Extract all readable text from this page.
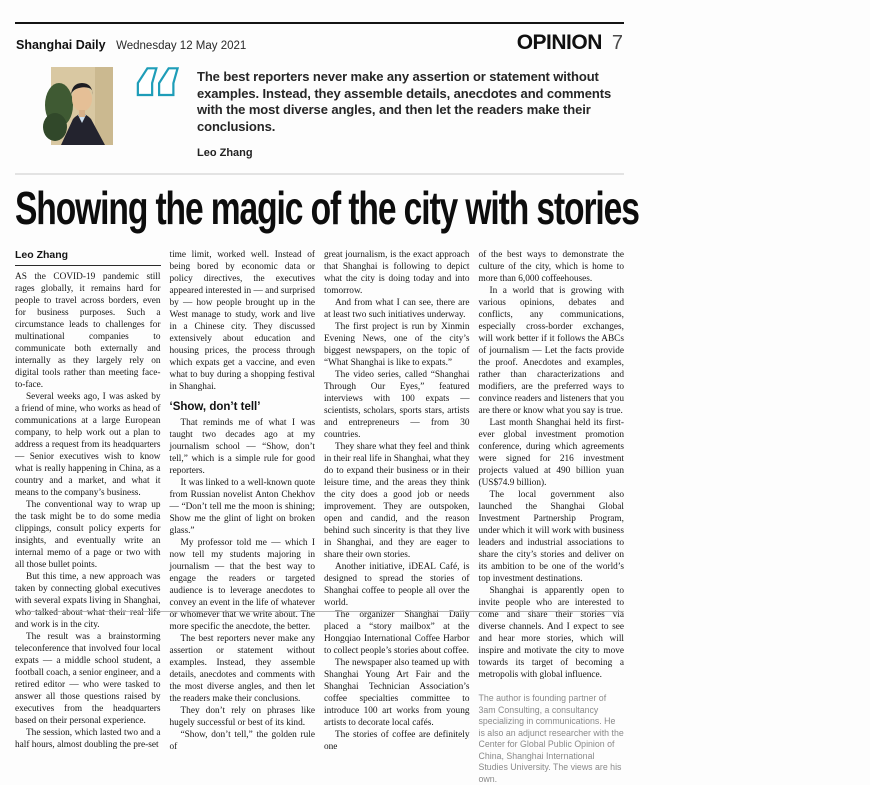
Shanghai Daily Wednesday 12 May 2021	OPINION 7
“ The best reporters never make any assertion or statement without examples. Instead, they assemble details, anecdotes and comments with the most diverse angles, and then let the readers make their conclusions.
Leo Zhang
Showing the magic of the city with stories
Leo Zhang

AS the COVID-19 pandemic still rages globally, it remains hard for people to travel across borders, even for business purposes. Such a circumstance leads to challenges for multinational companies to communicate both externally and internally as they largely rely on digital tools rather than meeting face-to-face.

Several weeks ago, I was asked by a friend of mine, who works as head of communications at a large European company, to help work out a plan to address a request from its headquarters — Senior executives wish to know what is really happening in China, as a country and a market, and what it means to the company’s business.

The conventional way to wrap up the task might be to do some media clippings, consult policy experts for insights, and eventually write an internal memo of a page or two with all those bullet points.

But this time, a new approach was taken by connecting global executives with several expats living in Shanghai, who talked about what their real life and work is in the city.

The result was a brainstorming teleconference that involved four local expats — a middle school student, a football coach, a senior engineer, and a retired editor — who were tasked to answer all those questions raised by executives from the headquarters based on their personal experience.

The session, which lasted two and a half hours, almost doubling the pre-set

time limit, worked well. Instead of being bored by economic data or policy directives, the executives appeared interested in — and surprised by — how people brought up in the West manage to study, work and live in a Chinese city. They discussed extensively about education and housing prices, the process through which expats get a vaccine, and even what to buy during a shopping festival in Shanghai.

‘Show, don’t tell’

That reminds me of what I was taught two decades ago at my journalism school — “Show, don’t tell,” which is a simple rule for good reporters.

It was linked to a well-known quote from Russian novelist Anton Chekhov — “Don’t tell me the moon is shining; Show me the glint of light on broken glass.”

My professor told me — which I now tell my students majoring in journalism — that the best way to engage the readers or targeted audience is to leverage anecdotes to convey an event in the life of whatever or whomever that we write about. The more specific the anecdote, the better.

The best reporters never make any assertion or statement without examples. Instead, they assemble details, anecdotes and comments with the most diverse angles, and then let the readers make their conclusions.

They don’t rely on phrases like hugely successful or best of its kind.

“Show, don’t tell,” the golden rule of

great journalism, is the exact approach that Shanghai is following to depict what the city is doing today and into tomorrow.

And from what I can see, there are at least two such initiatives underway.

The first project is run by Xinmin Evening News, one of the city’s biggest newspapers, on the topic of “What Shanghai is like to expats.”

The video series, called “Shanghai Through Our Eyes,” featured interviews with 100 expats — scientists, scholars, sports stars, artists and entrepreneurs — from 30 countries.

They share what they feel and think in their real life in Shanghai, what they do to expand their business or in their leisure time, and the areas they think the city does a good job or needs improvement. They are outspoken, open and candid, and the reason behind such sincerity is that they live in Shanghai, and they are eager to share their own stories.

Another initiative, iDEAL Café, is designed to spread the stories of Shanghai coffee to people all over the world.

The organizer Shanghai Daily placed a “story mailbox” at the Hongqiao International Coffee Harbor to collect people’s stories about coffee.

The newspaper also teamed up with Shanghai Young Art Fair and the Shanghai Technician Association’s coffee specialties committee to introduce 100 art works from young artists to decorate local cafés.

The stories of coffee are definitely one

of the best ways to demonstrate the culture of the city, which is home to more than 6,000 coffeehouses.

In a world that is growing with various opinions, debates and conflicts, any communications, especially cross-border exchanges, will work better if it follows the ABCs of journalism — Let the facts provide the proof. Anecdotes and examples, rather than characterizations and modifiers, are the preferred ways to convince readers and listeners that you are there or know what you say is true.

Last month Shanghai held its first-ever global investment promotion conference, during which agreements were signed for 216 investment projects valued at 490 billion yuan (US$74.9 billion).

The local government also launched the Shanghai Global Investment Partnership Program, under which it will work with business leaders and industrial associations to share the city’s stories and deliver on its ambition to be one of the world’s top investment destinations.

Shanghai is apparently open to invite people who are interested to come and share their stories via diverse channels. And I expect to see and hear more stories, which will inspire and motivate the city to move towards its target of becoming a metropolis with global influence.

The author is founding partner of 3am Consulting, a consultancy specializing in communications. He is also an adjunct researcher with the Center for Global Public Opinion of China, Shanghai International Studies University. The views are his own.
